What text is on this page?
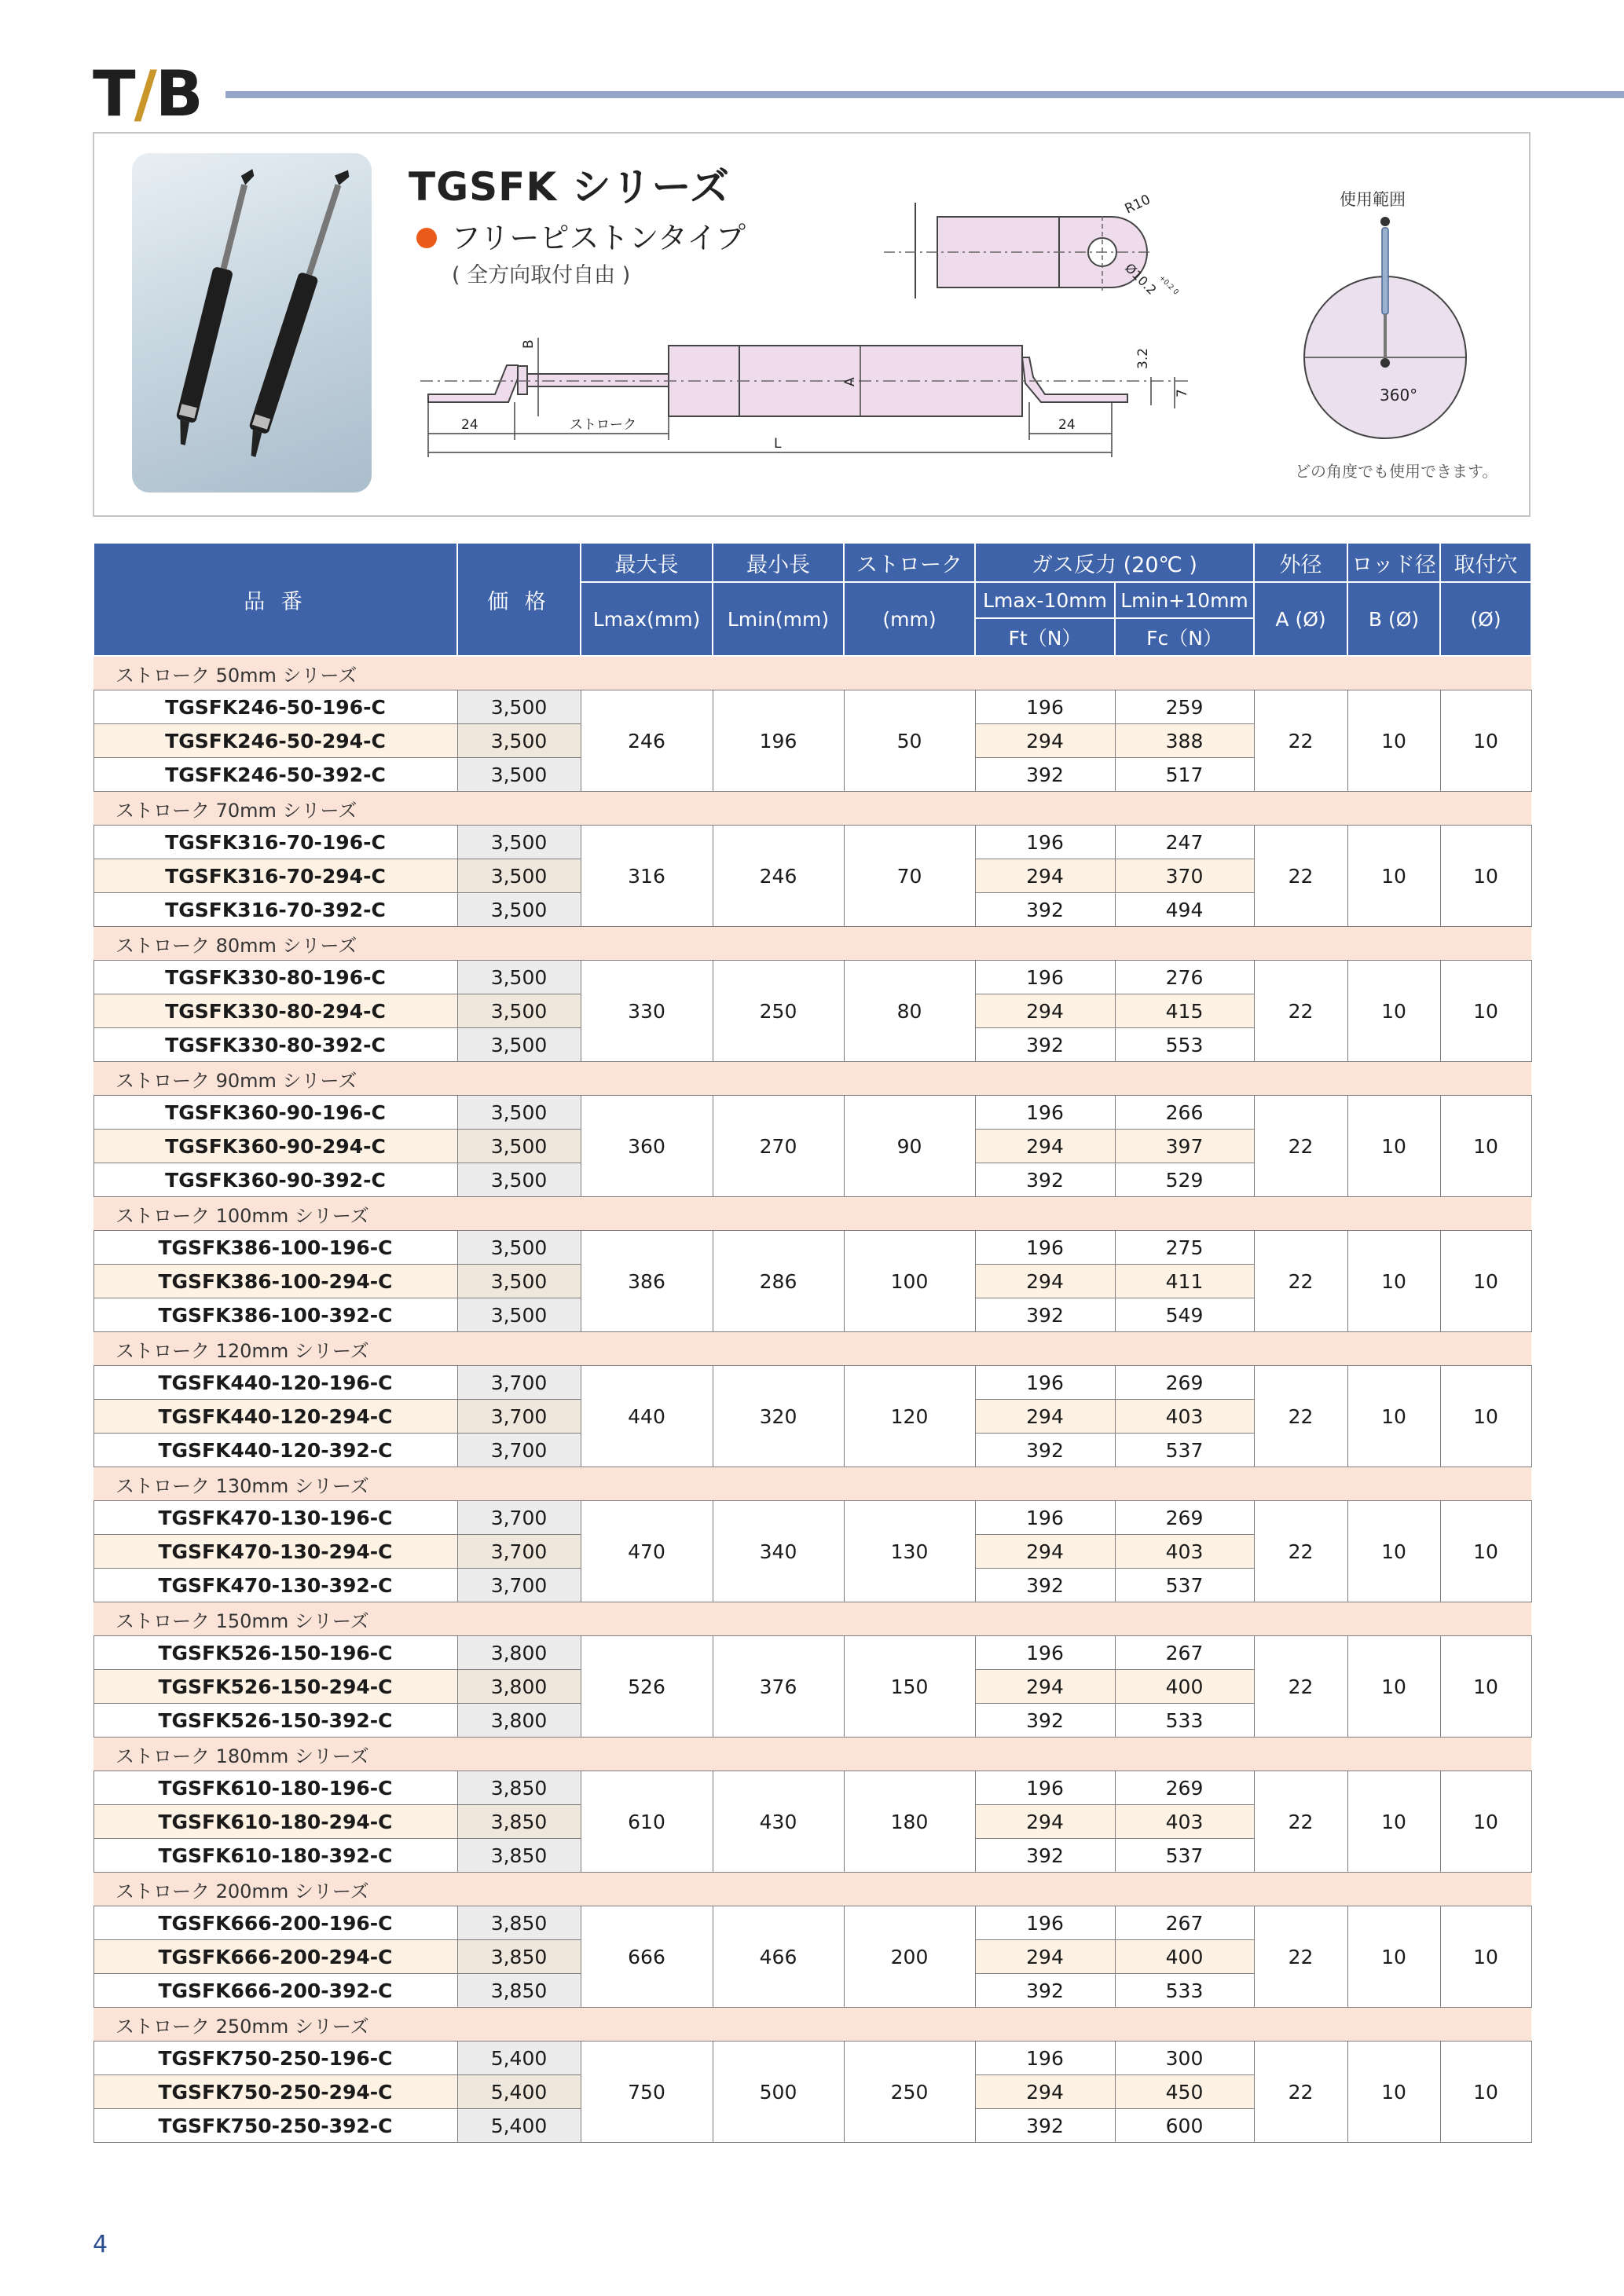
T/B
TGSFK シリーズ
フリーピストンタイプ
( 全方向取付自由 )
R10
Ø10.2
+0.2 0
B
A
3.2
7
24	ストローク	24
L
使用範囲
360°
どの角度でも使用できます。
品 番	価 格	最大長	最小長	ストローク	ガス反力 (20℃ )		外径	ロッド径	取付穴
		Lmax(mm)	Lmin(mm)	(mm)	Lmax-10mm	Lmin+10mm	A (Ø)	B (Ø)	(Ø)
					Ft（N）	Fc（N）			
ストローク 50mm シリーズ									
TGSFK246-50-196-C	3,500	246	196	50	196	259	22	10	10
TGSFK246-50-294-C	3,500				294	388			
TGSFK246-50-392-C	3,500				392	517			
ストローク 70mm シリーズ									
TGSFK316-70-196-C	3,500	316	246	70	196	247	22	10	10
TGSFK316-70-294-C	3,500				294	370			
TGSFK316-70-392-C	3,500				392	494			
ストローク 80mm シリーズ									
TGSFK330-80-196-C	3,500	330	250	80	196	276	22	10	10
TGSFK330-80-294-C	3,500				294	415			
TGSFK330-80-392-C	3,500				392	553			
ストローク 90mm シリーズ									
TGSFK360-90-196-C	3,500	360	270	90	196	266	22	10	10
TGSFK360-90-294-C	3,500				294	397			
TGSFK360-90-392-C	3,500				392	529			
ストローク 100mm シリーズ									
TGSFK386-100-196-C	3,500	386	286	100	196	275	22	10	10
TGSFK386-100-294-C	3,500				294	411			
TGSFK386-100-392-C	3,500				392	549			
ストローク 120mm シリーズ									
TGSFK440-120-196-C	3,700	440	320	120	196	269	22	10	10
TGSFK440-120-294-C	3,700				294	403			
TGSFK440-120-392-C	3,700				392	537			
ストローク 130mm シリーズ									
TGSFK470-130-196-C	3,700	470	340	130	196	269	22	10	10
TGSFK470-130-294-C	3,700				294	403			
TGSFK470-130-392-C	3,700				392	537			
ストローク 150mm シリーズ									
TGSFK526-150-196-C	3,800	526	376	150	196	267	22	10	10
TGSFK526-150-294-C	3,800				294	400			
TGSFK526-150-392-C	3,800				392	533			
ストローク 180mm シリーズ									
TGSFK610-180-196-C	3,850	610	430	180	196	269	22	10	10
TGSFK610-180-294-C	3,850				294	403			
TGSFK610-180-392-C	3,850				392	537			
ストローク 200mm シリーズ									
TGSFK666-200-196-C	3,850	666	466	200	196	267	22	10	10
TGSFK666-200-294-C	3,850				294	400			
TGSFK666-200-392-C	3,850				392	533			
ストローク 250mm シリーズ									
TGSFK750-250-196-C	5,400	750	500	250	196	300	22	10	10
TGSFK750-250-294-C	5,400				294	450			
TGSFK750-250-392-C	5,400				392	600			
4
